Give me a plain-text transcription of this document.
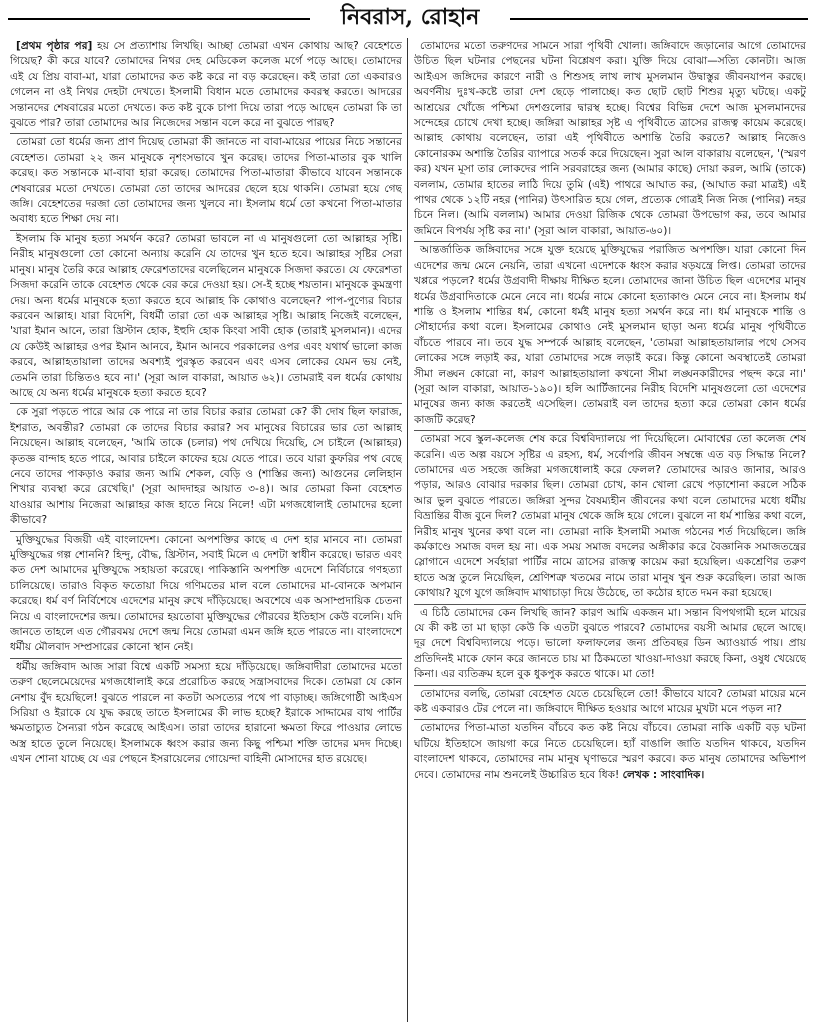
নিবরাস, রোহান

[প্রথম পৃষ্ঠার পর] হয় সে প্রত্যাশায় লিখছি। আচ্ছা তোমরা এখন কোথায় আছ? বেহেশতে গিয়েছ? কী করে যাবে? তোমাদের নিথর দেহ মেডিকেল কলেজ মর্গে পড়ে আছে। তোমাদের এই যে প্রিয় বাবা-মা, যারা তোমাদের কত কষ্ট করে না বড় করেছেন। কই তারা তো একবারও গেলেন না ওই নিথর দেহটা দেখতে। ইসলামী বিধান মতে তোমাদের কবরস্থ করতে। আদরের সন্তানদের শেষবারের মতো দেখতে। কত কষ্ট বুকে চাপা দিয়ে তারা পড়ে আছেন তোমরা কি তা বুঝতে পার? তারা তোমাদের আর নিজেদের সন্তান বলে করে না বুঝতে পারছ?

তোমরা তো ধর্মের জন্য প্রাণ দিয়েছ তোমরা কী জানতে না বাবা-মায়ের পায়ের নিচে সন্তানের বেহেশত। তোমরা ২২ জন মানুষকে নৃশংসভাবে খুন করেছ। তাদের পিতা-মাতার বুক খালি করেছ। কত সন্তানকে মা-বাবা হারা করেছ। তোমাদের পিতা-মাতারা কীভাবে যাবেন সন্তানকে শেষবারের মতো দেখতে। তোমরা তো তাদের আদরের ছেলে হয়ে থাকনি। তোমরা হয়ে গেছ জঙ্গি। বেহেশতের দরজা তো তোমাদের জন্য খুলবে না। ইসলাম ধর্মে তো কখনো পিতা-মাতার অবাধ্য হতে শিক্ষা দেয় না।

ইসলাম কি মানুষ হত্যা সমর্থন করে? তোমরা ভাবলে না এ মানুষগুলো তো আল্লাহর সৃষ্টি। নিরীহ মানুষগুলো তো কোনো অন্যায় করেনি যে তাদের খুন হতে হবে। আল্লাহর সৃষ্টির সেরা মানুষ। মানুষ তৈরি করে আল্লাহ ফেরেশতাদের বলেছিলেন মানুষকে সিজদা করতে। যে ফেরেশতা সিজদা করেনি তাকে বেহেশত থেকে বের করে দেওয়া হয়। সে-ই হচ্ছে শয়তান। মানুষকে কুমন্ত্রণা দেয়। অন্য ধর্মের মানুষকে হত্যা করতে হবে আল্লাহ কি কোথাও বলেছেন? পাপ-পুণ্যের বিচার করবেন আল্লাহ। যারা বিদেশি, বিধর্মী তারা তো এক আল্লাহর সৃষ্টি। আল্লাহ নিজেই বলেছেন, 'যারা ইমান আনে, তারা খ্রিস্টান হোক, ইহুদি হোক কিংবা সাবী হোক (তারাই মুসলমান)। এদের যে কেউই আল্লাহর ওপর ইমান আনবে, ইমান আনবে পরকালের ওপর এবং যথার্থ ভালো কাজ করবে, আল্লাহতায়ালা তাদের অবশ্যই পুরস্কৃত করবেন এবং এসব লোকের যেমন ভয় নেই, তেমনি তারা চিন্তিতও হবে না।' (সূরা আল বাকারা, আয়াত ৬২)। তোমরাই বল ধর্মের কোথায় আছে যে অন্য ধর্মের মানুষকে হত্যা করতে হবে?

কে সুরা পড়তে পারে আর কে পারে না তার বিচার করার তোমরা কে? কী দোষ ছিল ফারাজ, ইশরাত, অবন্তীর? তোমরা কে তাদের বিচার করার? সব মানুষের বিচারের ভার তো আল্লাহ নিয়েছেন। আল্লাহ বলেছেন, 'আমি তাকে (চলার) পথ দেখিয়ে দিয়েছি, সে চাইলে (আল্লাহর) কৃতজ্ঞ বান্দাহ হতে পারে, আবার চাইলে কাফের হয়ে যেতে পারে। তবে যারা কুফরির পথ বেছে নেবে তাদের পাকড়াও করার জন্য আমি শেকল, বেড়ি ও (শাস্তির জন্য) আগুনের লেলিহান শিখার ব্যবস্থা করে রেখেছি।' (সূরা আদদাহর আয়াত ৩-৪)। আর তোমরা কিনা বেহেশত যাওয়ার আশায় নিজেরা আল্লাহর কাজ হাতে নিয়ে নিলে! এটা মগজধোলাই তোমাদের হলো কীভাবে?

মুক্তিযুদ্ধের বিজয়ী এই বাংলাদেশ। কোনো অপশক্তির কাছে এ দেশ হার মানবে না। তোমরা মুক্তিযুদ্ধের গল্প শোননি? হিন্দু, বৌদ্ধ, খ্রিস্টান, সবাই মিলে এ দেশটা স্বাধীন করেছে। ভারত এবং কত দেশ আমাদের মুক্তিযুদ্ধে সহায়তা করেছে। পাকিস্তানি অপশক্তি এদেশে নির্বিচারে গণহত্যা চালিয়েছে। তারাও বিকৃত ফতোয়া দিয়ে গণিমতের মাল বলে তোমাদের মা-বোনকে অপমান করেছে। ধর্ম বর্ণ নির্বিশেষে এদেশের মানুষ রুখে দাঁড়িয়েছে। অবশেষে এক অসাম্প্রদায়িক চেতনা নিয়ে এ বাংলাদেশের জন্ম। তোমাদের হয়তোবা মুক্তিযুদ্ধের গৌরবের ইতিহাস কেউ বলেনি। যদি জানতে তাহলে এত গৌরবময় দেশে জন্ম নিয়ে তোমরা এমন জঙ্গি হতে পারতে না। বাংলাদেশে ধর্মীয় মৌলবাদ সম্প্রসারের কোনো স্থান নেই।

ধর্মীয় জঙ্গিবাদ আজ সারা বিশ্বে একটি সমস্যা হয়ে দাঁড়িয়েছে। জঙ্গিবাদীরা তোমাদের মতো তরুণ ছেলেমেয়েদের মগজধোলাই করে প্ররোচিত করছে সন্ত্রাসবাদের দিকে। তোমরা যে কোন নেশায় বুঁদ হয়েছিলে! বুঝতে পারলে না কতটা অসত্যের পথে পা বাড়াচ্ছ। জঙ্গিগোষ্ঠী আইএস সিরিয়া ও ইরাকে যে যুদ্ধ করছে তাতে ইসলামের কী লাভ হচ্ছে? ইরাকে সাদ্দামের বাথ পার্টির ক্ষমতাচ্যুত সৈন্যরা গঠন করেছে আইএস। তারা তাদের হারানো ক্ষমতা ফিরে পাওয়ার লোভে অস্ত্র হাতে তুলে নিয়েছে। ইসলামকে ধ্বংস করার জন্য কিছু পশ্চিমা শক্তি তাদের মদদ দিচ্ছে। এখন শোনা যাচ্ছে যে এর পেছনে ইসরায়েলের গোয়েন্দা বাহিনী মোসাদের হাত রয়েছে।

তোমাদের মতো তরুণদের সামনে সারা পৃথিবী খোলা। জঙ্গিবাদে জড়ানোর আগে তোমাদের উচিত ছিল ঘটনার পেছনের ঘটনা বিশ্লেষণ করা। যুক্তি দিয়ে বোঝা—সত্যি কোনটা। আজ আইএস জঙ্গিদের কারণে নারী ও শিশুসহ লাখ লাখ মুসলমান উদ্বাস্তুর জীবনযাপন করছে। অবর্ণনীয় দুঃখ-কষ্টে তারা দেশ ছেড়ে পালাচ্ছে। কত ছোট ছোট শিশুর মৃত্যু ঘটছে। একটু আশ্রয়ের খোঁজে পশ্চিমা দেশগুলোর দ্বারস্থ হচ্ছে। বিশ্বের বিভিন্ন দেশে আজ মুসলমানদের সন্দেহের চোখে দেখা হচ্ছে। জঙ্গিরা আল্লাহর সৃষ্ট এ পৃথিবীতে ত্রাসের রাজত্ব কায়েম করেছে। আল্লাহ কোথায় বলেছেন, তারা এই পৃথিবীতে অশান্তি তৈরি করতে? আল্লাহ নিজেও কোনোরকম অশান্তি তৈরির ব্যাপারে সতর্ক করে দিয়েছেন। সুরা আল বাকারায় বলেছেন, '(স্মরণ কর) যখন মূসা তার লোকদের পানি সরবরাহের জন্য (আমার কাছে) দোয়া করল, আমি (তাকে) বললাম, তোমার হাতের লাঠি দিয়ে তুমি (এই) পাথরে আঘাত কর, (আঘাত করা মাত্রই) এই পাথর থেকে ১২টি নহর (পানির) উৎসারিত হয়ে গেল, প্রত্যেক গোত্রই নিজ নিজ (পানির) নহর চিনে নিল। (আমি বললাম) আমার দেওয়া রিজিক থেকে তোমরা উপভোগ কর, তবে আমার জমিনে বিপর্যয় সৃষ্টি কর না।' (সূরা আল বাকারা, আয়াত-৬০)।

আন্তর্জাতিক জঙ্গিবাদের সঙ্গে যুক্ত হয়েছে মুক্তিযুদ্ধের পরাজিত অপশক্তি। যারা কোনো দিন এদেশের জন্ম মেনে নেয়নি, তারা এখনো এদেশকে ধ্বংস করার ষড়যন্ত্রে লিপ্ত। তোমরা তাদের খপ্পরে পড়লে? ধর্মের উগ্রবাদী দীক্ষায় দীক্ষিত হলে। তোমাদের জানা উচিত ছিল এদেশের মানুষ ধর্মের উগ্রবাদিতাকে মেনে নেবে না। ধর্মের নামে কোনো হত্যাকাণ্ড মেনে নেবে না। ইসলাম ধর্ম শান্তি ও ইসলাম শান্তির ধর্ম, কোনো ধর্মই মানুষ হত্যা সমর্থন করে না। ধর্ম মানুষকে শান্তি ও সৌহার্দ্যের কথা বলে। ইসলামের কোথাও নেই মুসলমান ছাড়া অন্য ধর্মের মানুষ পৃথিবীতে বাঁচতে পারবে না। তবে যুদ্ধ সম্পর্কে আল্লাহ বলেছেন, 'তোমরা আল্লাহতায়ালার পথে সেসব লোকের সঙ্গে লড়াই কর, যারা তোমাদের সঙ্গে লড়াই করে। কিন্তু কোনো অবস্থাতেই তোমরা সীমা লঙ্ঘন কোরো না, কারণ আল্লাহতায়ালা কখনো সীমা লঙ্ঘনকারীদের পছন্দ করে না।' (সূরা আল বাকারা, আয়াত-১৯০)। হলি আর্টিজানের নিরীহ বিদেশি মানুষগুলো তো এদেশের মানুষের জন্য কাজ করতেই এসেছিল। তোমরাই বল তাদের হত্যা করে তোমরা কোন ধর্মের কাজটি করেছ?

তোমরা সবে স্কুল-কলেজ শেষ করে বিশ্ববিদ্যালয়ে পা দিয়েছিলে। মোবাশ্বের তো কলেজ শেষ করেনি। এত অল্প বয়সে সৃষ্টির এ রহস্য, ধর্ম, সর্বোপরি জীবন সম্বন্ধে এত বড় সিদ্ধান্ত নিলে? তোমাদের এত সহজে জঙ্গিরা মগজধোলাই করে ফেলল? তোমাদের আরও জানার, আরও পড়ার, আরও বোঝার দরকার ছিল। তোমরা চোখ, কান খোলা রেখে পড়াশোনা করলে সঠিক আর ভুল বুঝতে পারতে। জঙ্গিরা সুন্দর বৈষম্যহীন জীবনের কথা বলে তোমাদের মধ্যে ধর্মীয় বিভ্রান্তির বীজ বুনে দিল? তোমরা মানুষ থেকে জঙ্গি হয়ে গেলে। বুঝলে না ধর্ম শান্তির কথা বলে, নিরীহ মানুষ খুনের কথা বলে না। তোমরা নাকি ইসলামী সমাজ গঠনের শর্ত দিয়েছিলে। জঙ্গি কর্মকাণ্ডে সমাজ বদল হয় না। এক সময় সমাজ বদলের অঙ্গীকার করে বৈজ্ঞানিক সমাজতন্ত্রের স্লোগানে এদেশে সর্বহারা পার্টির নামে ত্রাসের রাজত্ব কায়েম করা হয়েছিল। একশ্রেণির তরুণ হাতে অস্ত্র তুলে নিয়েছিল, শ্রেণিশত্রু খতমের নামে তারা মানুষ খুন শুরু করেছিল। তারা আজ কোথায়? যুগে যুগে জঙ্গিবাদ মাথাচাড়া দিয়ে উঠেছে, তা কঠোর হাতে দমন করা হয়েছে।

এ চিঠি তোমাদের কেন লিখছি জান? কারণ আমি একজন মা। সন্তান বিপথগামী হলে মায়ের যে কী কষ্ট তা মা ছাড়া কেউ কি এতটা বুঝতে পারবে? তোমাদের বয়সী আমার ছেলে আছে। দূর দেশে বিশ্ববিদ্যালয়ে পড়ে। ভালো ফলাফলের জন্য প্রতিবছর ডিন অ্যাওয়ার্ড পায়। প্রায় প্রতিদিনই মাকে ফোন করে জানতে চায় মা ঠিকমতো খাওয়া-দাওয়া করছে কিনা, ওষুধ খেয়েছে কিনা। এর ব্যতিক্রম হলে বুক ধুকপুক করতে থাকে। মা তো!

তোমাদের বলছি, তোমরা বেহেশত যেতে চেয়েছিলে তো! কীভাবে যাবে? তোমরা মায়ের মনে কষ্ট একবারও টের পেলে না। জঙ্গিবাদে দীক্ষিত হওয়ার আগে মায়ের মুখটা মনে পড়ল না?

তোমাদের পিতা-মাতা যতদিন বাঁচবে কত কষ্ট নিয়ে বাঁচবে। তোমরা নাকি একটি বড় ঘটনা ঘটিয়ে ইতিহাসে জায়গা করে নিতে চেয়েছিলে। হ্যাঁ বাঙালি জাতি যতদিন থাকবে, যতদিন বাংলাদেশ থাকবে, তোমাদের নাম মানুষ ঘৃণাভরে স্মরণ করবে। কত মানুষ তোমাদের অভিশাপ দেবে। তোমাদের নাম শুনলেই উচ্চারিত হবে ধিক! লেখক : সাংবাদিক।
